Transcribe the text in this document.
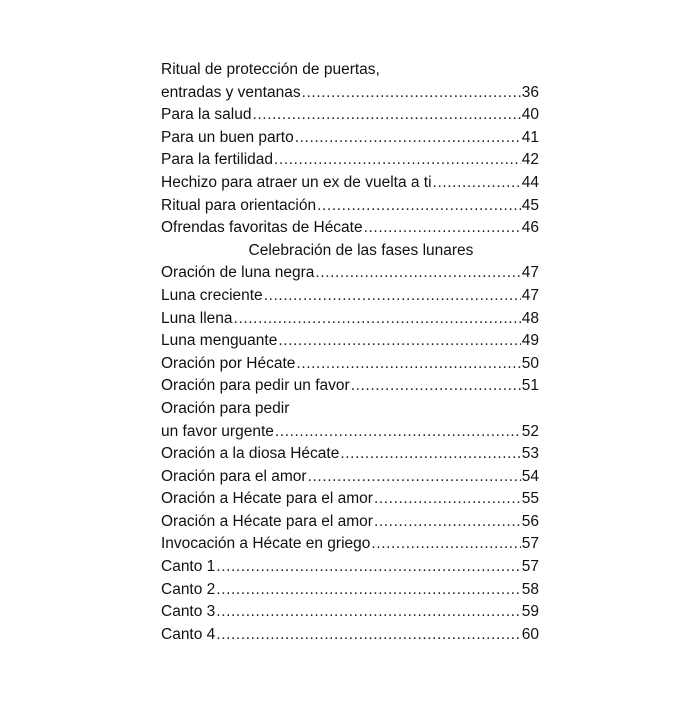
Ritual de protección de puertas,
entradas y ventanas .....	36
Para la salud .....	40
Para un buen parto .....	41
Para la fertilidad .....	42
Hechizo para atraer un ex de vuelta a ti .....	44
Ritual para orientación .....	45
Ofrendas favoritas de Hécate .....	46
Celebración de las fases lunares
Oración de luna negra .....	47
Luna creciente .....	47
Luna llena .....	48
Luna menguante .....	49
Oración por Hécate .....	50
Oración para pedir un favor .....	51
Oración para pedir
un favor urgente .....	52
Oración a la diosa Hécate .....	53
Oración para el amor .....	54
Oración a Hécate para el amor .....	55
Oración a Hécate para el amor .....	56
Invocación a Hécate en griego .....	57
Canto 1 .....	57
Canto 2 .....	58
Canto 3 .....	59
Canto 4 .....	60
